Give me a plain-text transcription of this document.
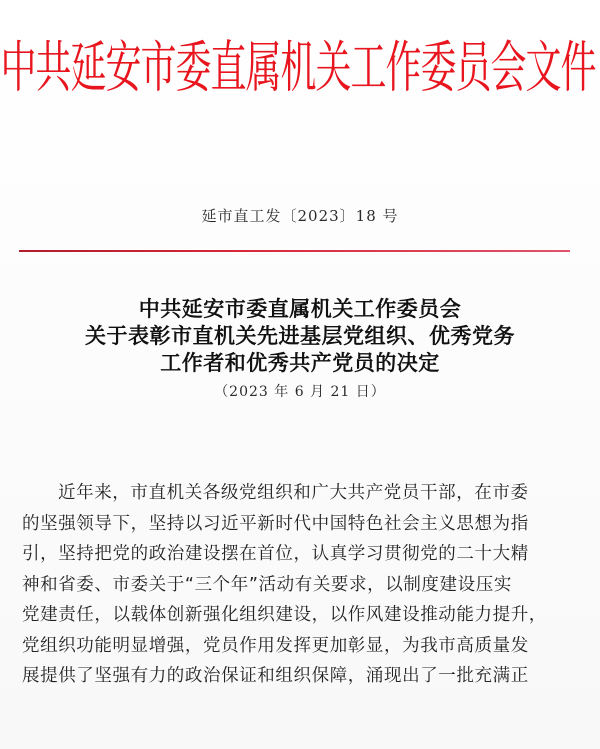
中共延安市委直属机关工作委员会文件
延市直工发〔2023〕18 号
中共延安市委直属机关工作委员会
关于表彰市直机关先进基层党组织、优秀党务
工作者和优秀共产党员的决定
（2023 年 6 月 21 日）
近年来，市直机关各级党组织和广大共产党员干部，在市委
的坚强领导下，坚持以习近平新时代中国特色社会主义思想为指
引，坚持把党的政治建设摆在首位，认真学习贯彻党的二十大精
神和省委、市委关于“三个年”活动有关要求，以制度建设压实
党建责任，以载体创新强化组织建设，以作风建设推动能力提升，
党组织功能明显增强，党员作用发挥更加彰显，为我市高质量发
展提供了坚强有力的政治保证和组织保障，涌现出了一批充满正
